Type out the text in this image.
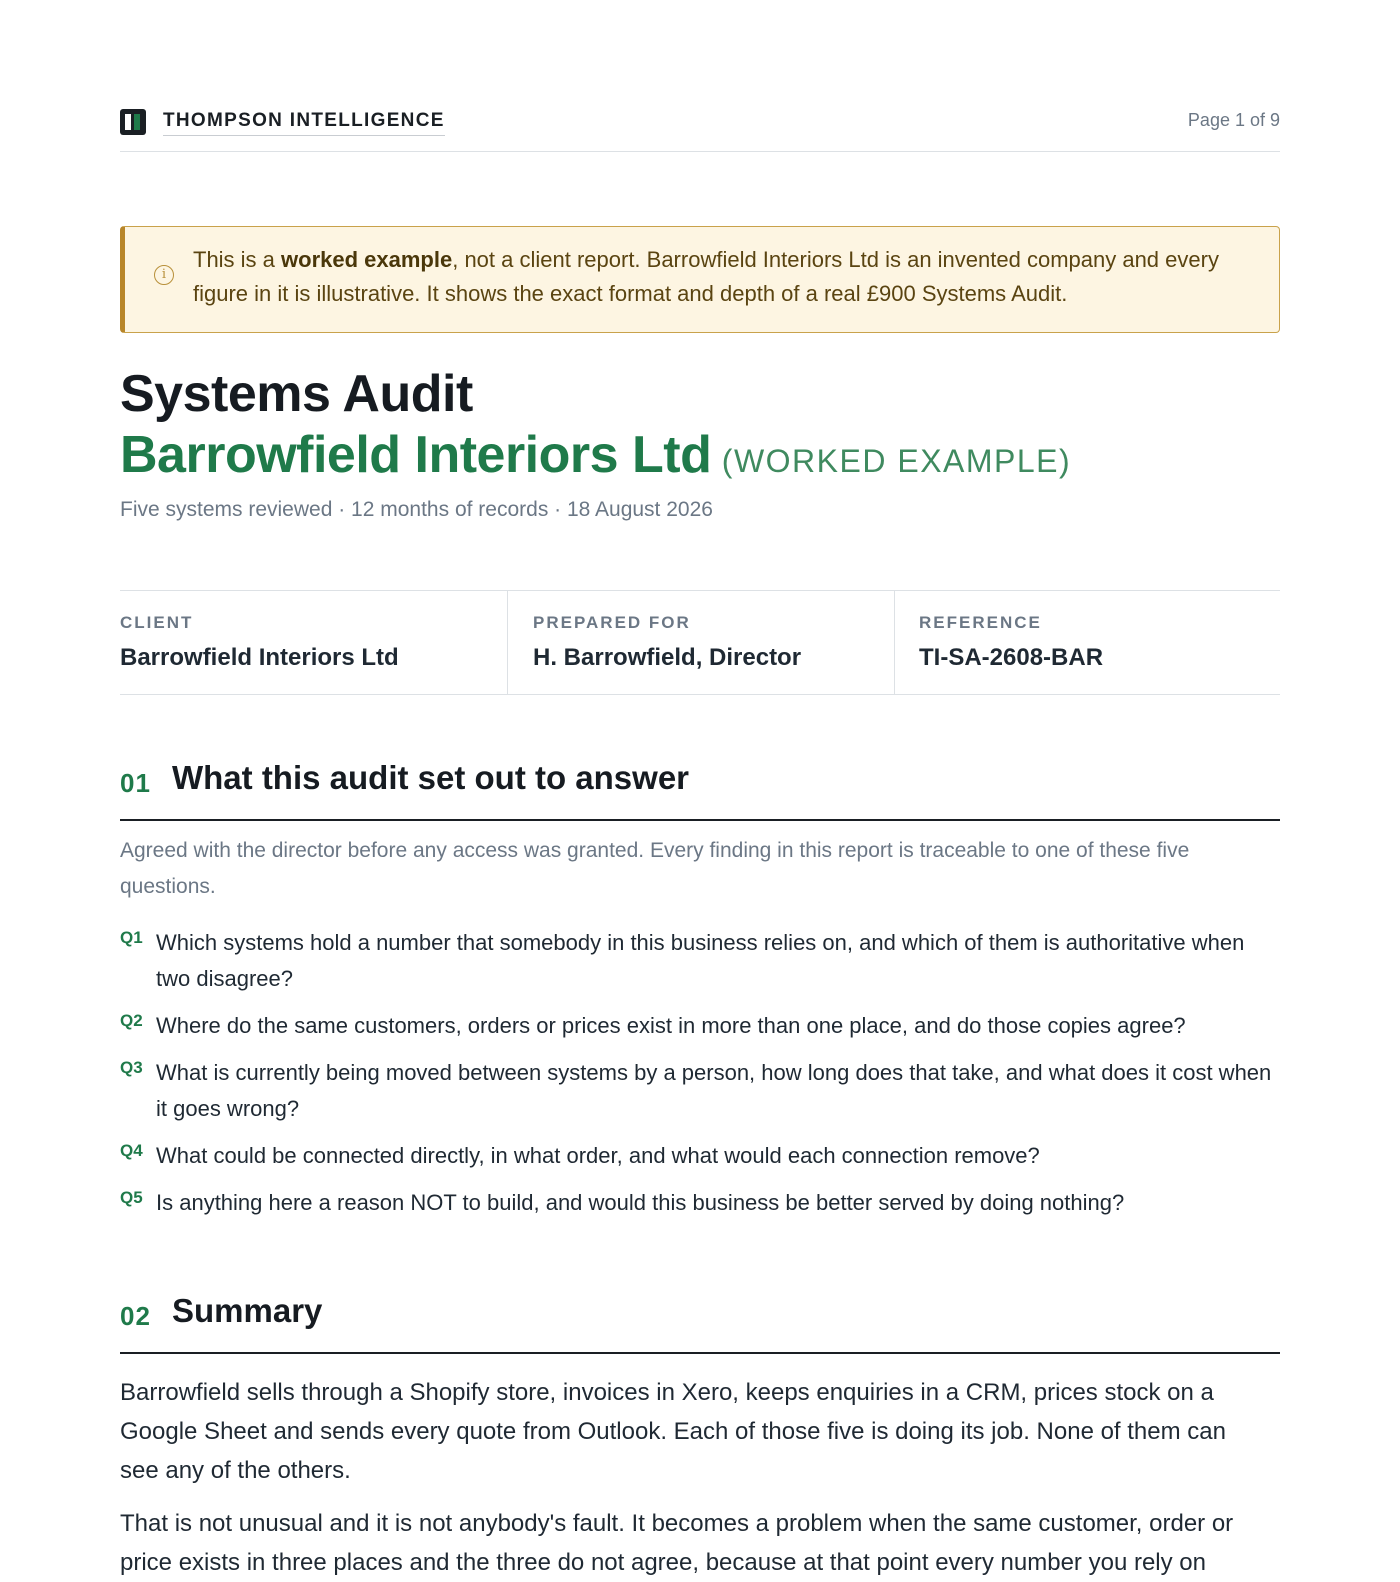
THOMPSON INTELLIGENCE	Page 1 of 9
i
This is a worked example, not a client report. Barrowfield Interiors Ltd is an invented company and every figure in it is illustrative. It shows the exact format and depth of a real £900 Systems Audit.
Systems Audit
Barrowfield Interiors Ltd (WORKED EXAMPLE)
Five systems reviewed · 12 months of records · 18 August 2026
CLIENT
Barrowfield Interiors Ltd
PREPARED FOR
H. Barrowfield, Director
REFERENCE
TI-SA-2608-BAR
01 What this audit set out to answer
Agreed with the director before any access was granted. Every finding in this report is traceable to one of these five questions.
Q1 Which systems hold a number that somebody in this business relies on, and which of them is authoritative when two disagree?
Q2 Where do the same customers, orders or prices exist in more than one place, and do those copies agree?
Q3 What is currently being moved between systems by a person, how long does that take, and what does it cost when it goes wrong?
Q4 What could be connected directly, in what order, and what would each connection remove?
Q5 Is anything here a reason NOT to build, and would this business be better served by doing nothing?
02 Summary
Barrowfield sells through a Shopify store, invoices in Xero, keeps enquiries in a CRM, prices stock on a Google Sheet and sends every quote from Outlook. Each of those five is doing its job. None of them can see any of the others.
That is not unusual and it is not anybody's fault. It becomes a problem when the same customer, order or price exists in three places and the three do not agree, because at that point every number you rely on
